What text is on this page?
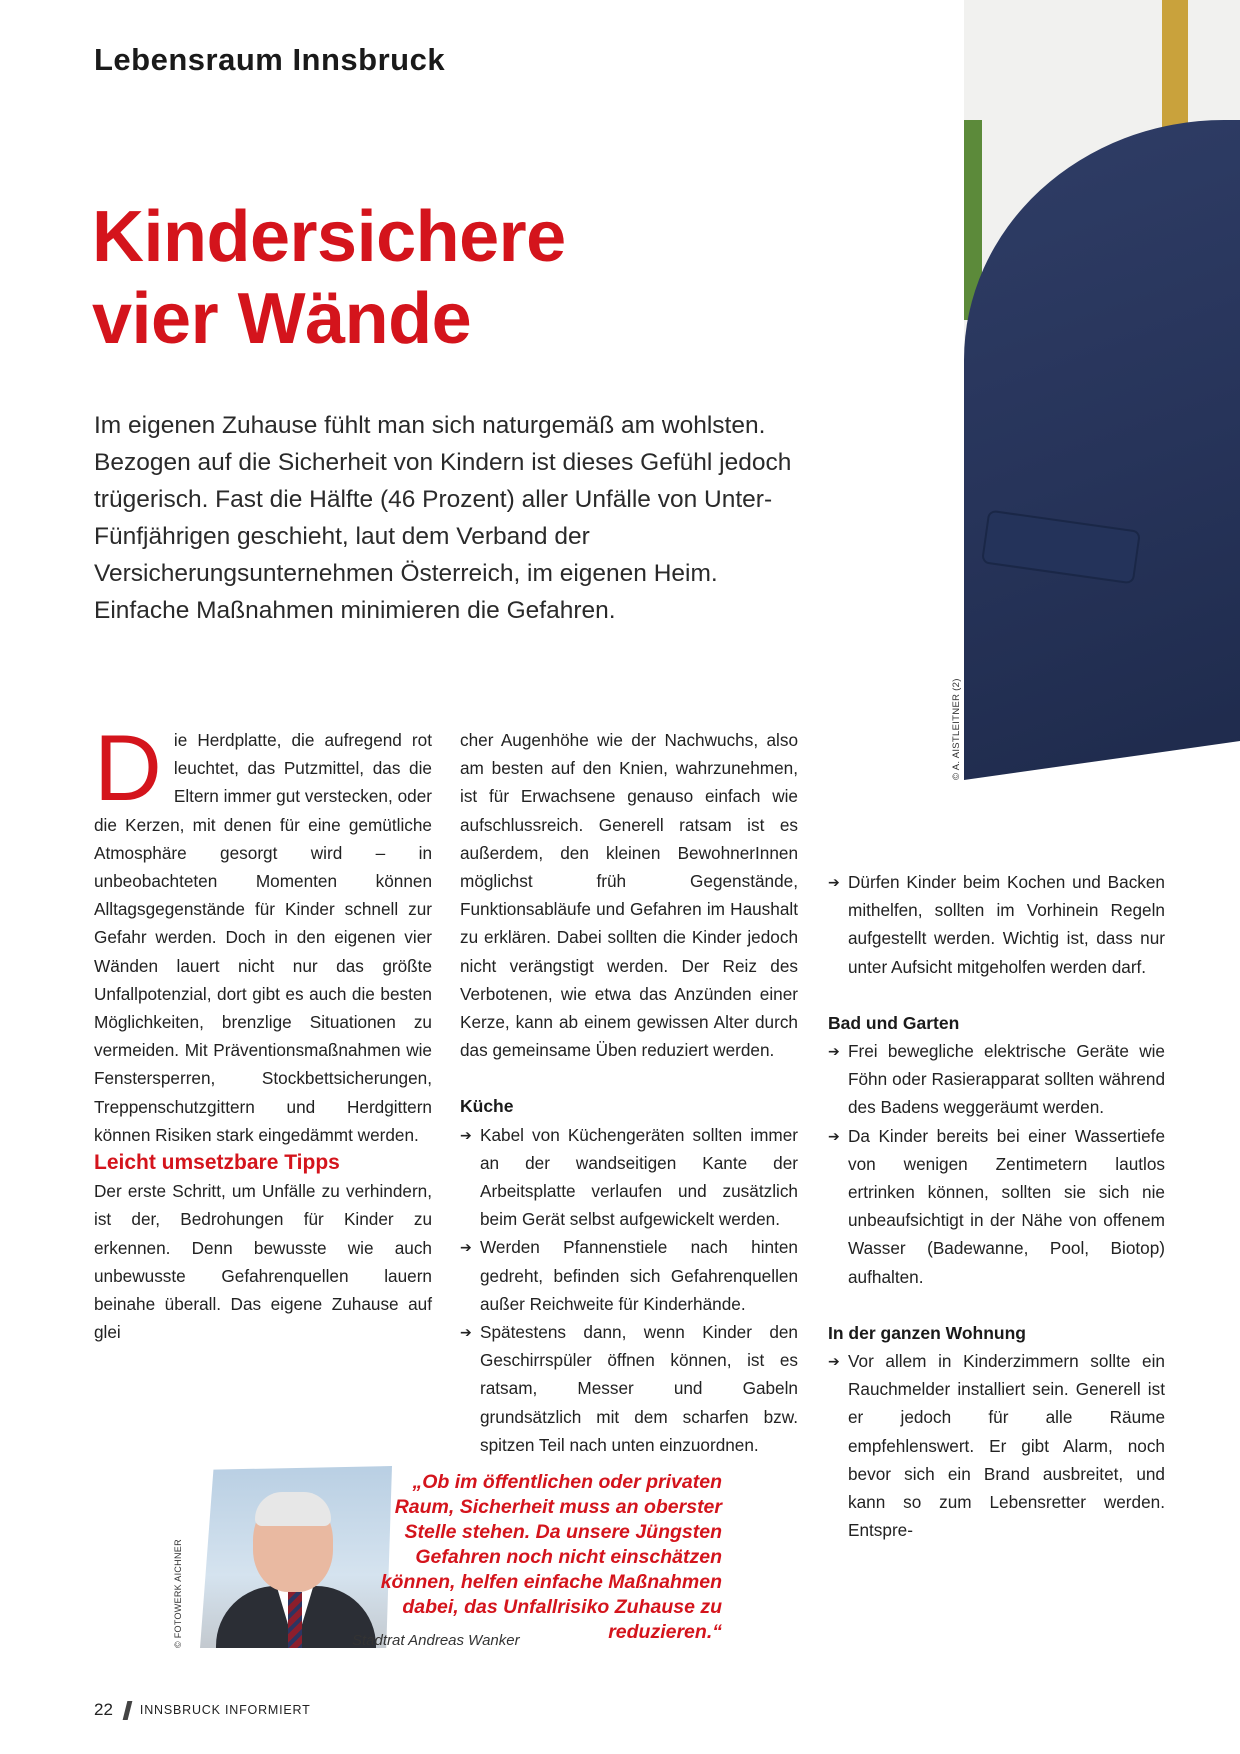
Lebensraum Innsbruck
Kindersichere
vier Wände

Im eigenen Zuhause fühlt man sich naturgemäß am wohlsten. Bezogen auf die Sicherheit von Kindern ist dieses Gefühl jedoch trügerisch. Fast die Hälfte (46 Prozent) aller Unfälle von Unter-Fünfjährigen geschieht, laut dem Verband der Versicherungsunternehmen Österreich, im eigenen Heim. Einfache Maßnahmen minimieren die Gefahren.

© A. AISTLEITNER (2)

Die Herdplatte, die aufregend rot leuchtet, das Putzmittel, das die Eltern immer gut verstecken, oder die Kerzen, mit denen für eine gemütliche Atmosphäre gesorgt wird – in unbeobachteten Momenten können Alltagsgegenstände für Kinder schnell zur Gefahr werden. Doch in den eigenen vier Wänden lauert nicht nur das größte Unfallpotenzial, dort gibt es auch die besten Möglichkeiten, brenzlige Situationen zu vermeiden. Mit Präventionsmaßnahmen wie Fenstersperren, Stockbettsicherungen, Treppenschutzgittern und Herdgittern können Risiken stark eingedämmt werden.

Leicht umsetzbare Tipps

Der erste Schritt, um Unfälle zu verhindern, ist der, Bedrohungen für Kinder zu erkennen. Denn bewusste wie auch unbewusste Gefahrenquellen lauern beinahe überall. Das eigene Zuhause auf glei

cher Augenhöhe wie der Nachwuchs, also am besten auf den Knien, wahrzunehmen, ist für Erwachsene genauso einfach wie aufschlussreich. Generell ratsam ist es außerdem, den kleinen BewohnerInnen möglichst früh Gegenstände, Funktionsabläufe und Gefahren im Haushalt zu erklären. Dabei sollten die Kinder jedoch nicht verängstigt werden. Der Reiz des Verbotenen, wie etwa das Anzünden einer Kerze, kann ab einem gewissen Alter durch das gemeinsame Üben reduziert werden.

Küche

➔ Kabel von Küchengeräten sollten immer an der wandseitigen Kante der Arbeitsplatte verlaufen und zusätzlich beim Gerät selbst aufgewickelt werden.
➔ Werden Pfannenstiele nach hinten gedreht, befinden sich Gefahrenquellen außer Reichweite für Kinderhände.
➔ Spätestens dann, wenn Kinder den Geschirrspüler öffnen können, ist es ratsam, Messer und Gabeln grundsätzlich mit dem scharfen bzw. spitzen Teil nach unten einzuordnen.
➔ Dürfen Kinder beim Kochen und Backen mithelfen, sollten im Vorhinein Regeln aufgestellt werden. Wichtig ist, dass nur unter Aufsicht mitgeholfen werden darf.

Bad und Garten

➔ Frei bewegliche elektrische Geräte wie Föhn oder Rasierapparat sollten während des Badens weggeräumt werden.
➔ Da Kinder bereits bei einer Wassertiefe von wenigen Zentimetern lautlos ertrinken können, sollten sie sich nie unbeaufsichtigt in der Nähe von offenem Wasser (Badewanne, Pool, Biotop) aufhalten.

In der ganzen Wohnung

➔ Vor allem in Kinderzimmern sollte ein Rauchmelder installiert sein. Generell ist er jedoch für alle Räume empfehlenswert. Er gibt Alarm, noch bevor sich ein Brand ausbreitet, und kann so zum Lebensretter werden. Entspre-
© FOTOWERK AICHNER

„Ob im öffentlichen oder privaten Raum, Sicherheit muss an oberster Stelle stehen. Da unsere Jüngsten Gefahren noch nicht einschätzen können, helfen einfache Maßnahmen dabei, das Unfallrisiko Zuhause zu reduzieren.“

Stadtrat Andreas Wanker

22 INNSBRUCK INFORMIERT
